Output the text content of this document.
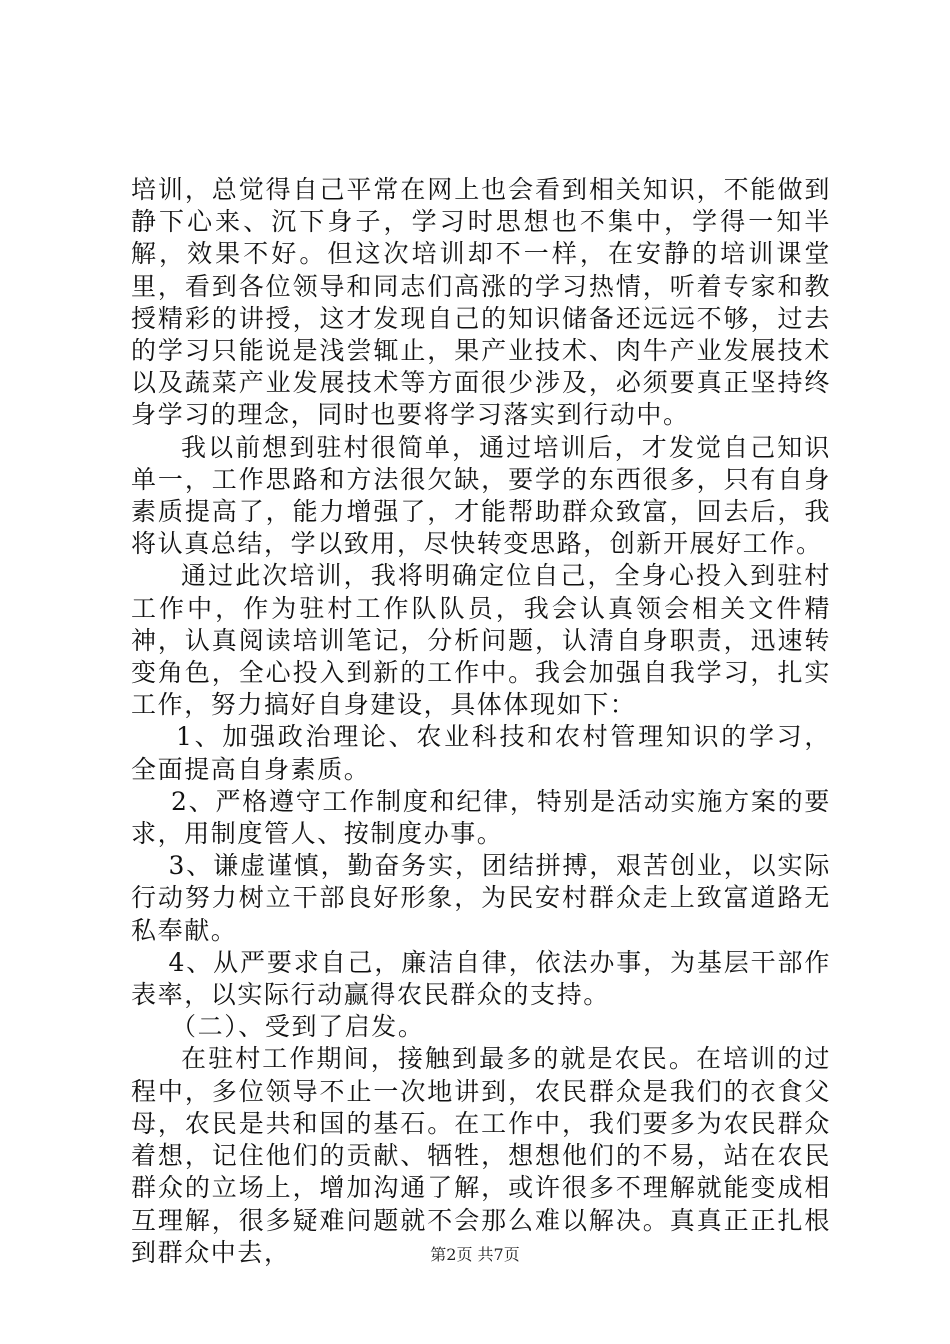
培训，总觉得自己平常在网上也会看到相关知识，不能做到静下心来、沉下身子，学习时思想也不集中，学得一知半解，效果不好。但这次培训却不一样，在安静的培训课堂里，看到各位领导和同志们高涨的学习热情，听着专家和教授精彩的讲授，这才发现自己的知识储备还远远不够，过去的学习只能说是浅尝辄止，果产业技术、肉牛产业发展技术以及蔬菜产业发展技术等方面很少涉及，必须要真正坚持终身学习的理念，同时也要将学习落实到行动中。

我以前想到驻村很简单，通过培训后，才发觉自己知识单一，工作思路和方法很欠缺，要学的东西很多，只有自身素质提高了，能力增强了，才能帮助群众致富，回去后，我将认真总结，学以致用，尽快转变思路，创新开展好工作。

通过此次培训，我将明确定位自己，全身心投入到驻村工作中，作为驻村工作队队员，我会认真领会相关文件精神，认真阅读培训笔记，分析问题，认清自身职责，迅速转变角色，全心投入到新的工作中。我会加强自我学习，扎实工作，努力搞好自身建设，具体体现如下：

1、加强政治理论、农业科技和农村管理知识的学习，全面提高自身素质。

2、严格遵守工作制度和纪律，特别是活动实施方案的要求，用制度管人、按制度办事。

3、谦虚谨慎，勤奋务实，团结拼搏，艰苦创业，以实际行动努力树立干部良好形象，为民安村群众走上致富道路无私奉献。

4、从严要求自己，廉洁自律，依法办事，为基层干部作表率，以实际行动赢得农民群众的支持。

（二）、受到了启发。

在驻村工作期间，接触到最多的就是农民。在培训的过程中，多位领导不止一次地讲到，农民群众是我们的衣食父母，农民是共和国的基石。在工作中，我们要多为农民群众着想，记住他们的贡献、牺牲，想想他们的不易，站在农民群众的立场上，增加沟通了解，或许很多不理解就能变成相互理解，很多疑难问题就不会那么难以解决。真真正正扎根到群众中去，	第2页 共7页
